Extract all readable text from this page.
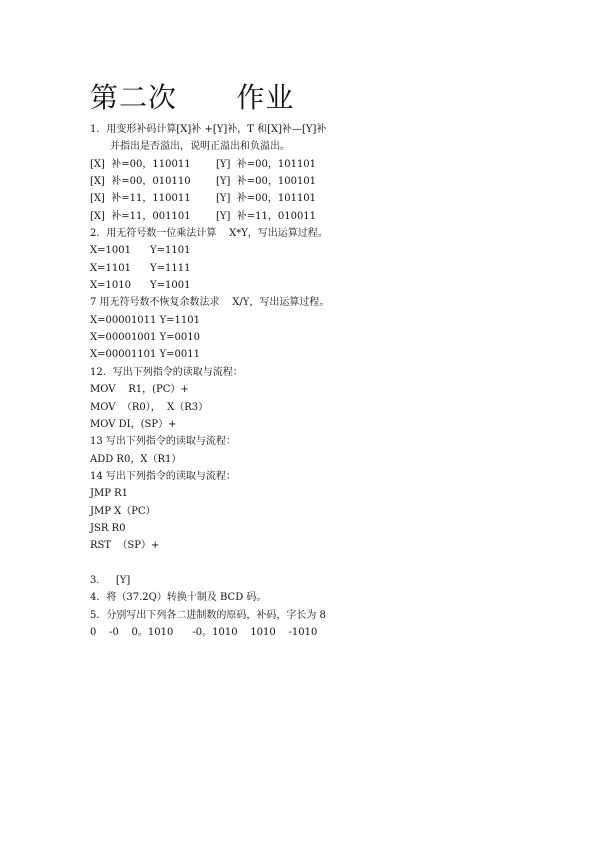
第二次      作业
1．用变形补码计算[X]补 +[Y]补，T 和[X]补—[Y]补
并指出是否溢出，说明正溢出和负溢出。
[X]  补=00，110011        [Y]  补=00，101101
[X]  补=00，010110        [Y]  补=00，100101
[X]  补=11，110011        [Y]  补=00，101101
[X]  补=11，001101        [Y]  补=11，010011
2．用无符号数一位乘法计算    X*Y，写出运算过程。
X=1001      Y=1101
X=1101      Y=1111
X=1010      Y=1001
7 用无符号数不恢复余数法求    X/Y，写出运算过程。
X=00001011 Y=1101
X=00001001 Y=0010
X=00001101 Y=0011
12．写出下列指令的读取与流程：
MOV    R1，(PC）+
MOV  （R0），  X（R3）
MOV DI，(SP）+
13 写出下列指令的读取与流程：
ADD R0，X（R1）
14 写出下列指令的读取与流程：
JMP R1
JMP X（PC）
JSR R0
RST  （SP）+
3．   [Y]
4．将（37.2Q）转换十制及 BCD 码。
5．分别写出下列各二进制数的原码，补码，字长为 8
0    -0    0。1010      -0。1010    1010    -1010
